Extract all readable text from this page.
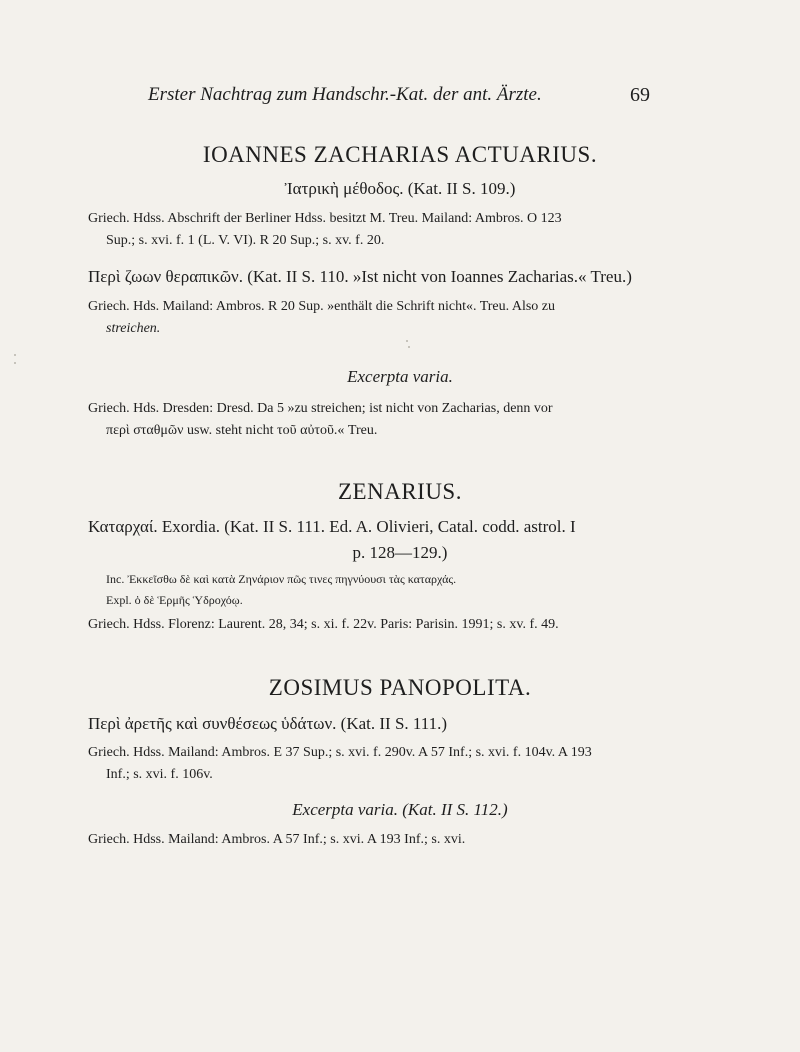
Erster Nachtrag zum Handschr.-Kat. der ant. Ärzte.	69
IOANNES ZACHARIAS ACTUARIUS.
Ἰατρικὴ μέθοδος. (Kat. II S. 109.)
Griech. Hdss. Abschrift der Berliner Hdss. besitzt M. Treu. Mailand: Ambros. O 123
Sup.; s. xvi. f. 1 (L. V. VI). R 20 Sup.; s. xv. f. 20.
Περὶ ζωων θεραπικῶν. (Kat. II S. 110. »Ist nicht von Ioannes Zacharias.« Treu.)
Griech. Hds. Mailand: Ambros. R 20 Sup. »enthält die Schrift nicht«. Treu. Also zu
streichen.
Excerpta varia.
Griech. Hds. Dresden: Dresd. Da 5 »zu streichen; ist nicht von Zacharias, denn vor
περὶ σταθμῶν usw. steht nicht τοῦ αὐτοῦ.« Treu.
ZENARIUS.
Καταρχαί. Exordia. (Kat. II S. 111. Ed. A. Olivieri, Catal. codd. astrol. I
p. 128—129.)
Inc. Ἐκκεῖσθω δὲ καὶ κατὰ Ζηνάριον πῶς τινες πηγνύουσι τὰς καταρχάς.
Expl. ὁ δὲ Ἑρμῆς Ὑδροχόῳ.
Griech. Hdss. Florenz: Laurent. 28, 34; s. xi. f. 22v. Paris: Parisin. 1991; s. xv. f. 49.
ZOSIMUS PANOPOLITA.
Περὶ ἀρετῆς καὶ συνθέσεως ὑδάτων. (Kat. II S. 111.)
Griech. Hdss. Mailand: Ambros. E 37 Sup.; s. xvi. f. 290v. A 57 Inf.; s. xvi. f. 104v. A 193
Inf.; s. xvi. f. 106v.
Excerpta varia. (Kat. II S. 112.)
Griech. Hdss. Mailand: Ambros. A 57 Inf.; s. xvi. A 193 Inf.; s. xvi.
